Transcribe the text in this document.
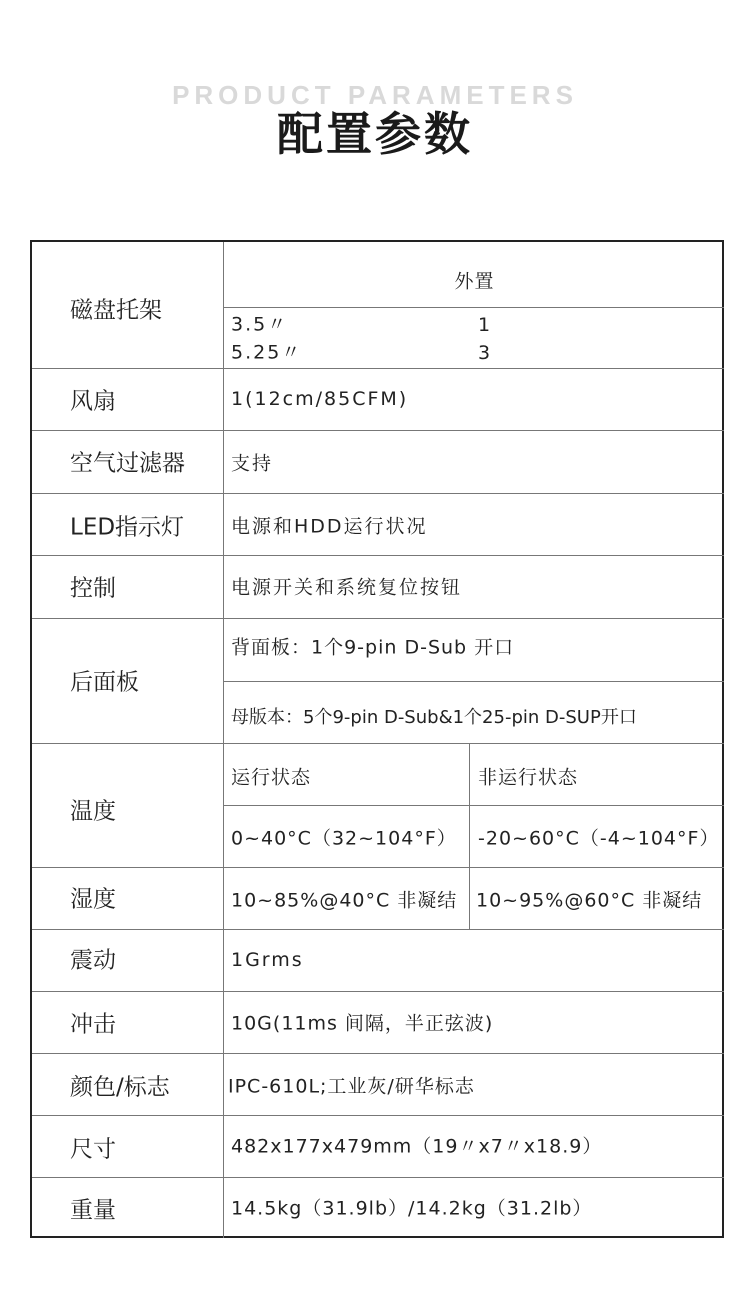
PRODUCT PARAMETERS
配置参数
磁盘托架
外置
3.5〃	1
5.25〃	3
风扇	1(12cm/85CFM)
空气过滤器 支持
LED指示灯 电源和HDD运行状况
控制	电源开关和系统复位按钮
后面板
背面板：1个9-pin D-Sub 开口
母版本：5个9-pin D-Sub&1个25-pin D-SUP开口
温度
运行状态	非运行状态
0~40°C（32~104°F） -20~60°C（-4~104°F）
湿度	10~85%@40°C 非凝结 10~95%@60°C 非凝结
震动	1Grms
冲击	10G(11ms 间隔，半正弦波)
颜色/标志	IPC-610L;工业灰/研华标志
尺寸	482x177x479mm（19〃x7〃x18.9）
重量	14.5kg（31.9lb）/14.2kg（31.2lb）
